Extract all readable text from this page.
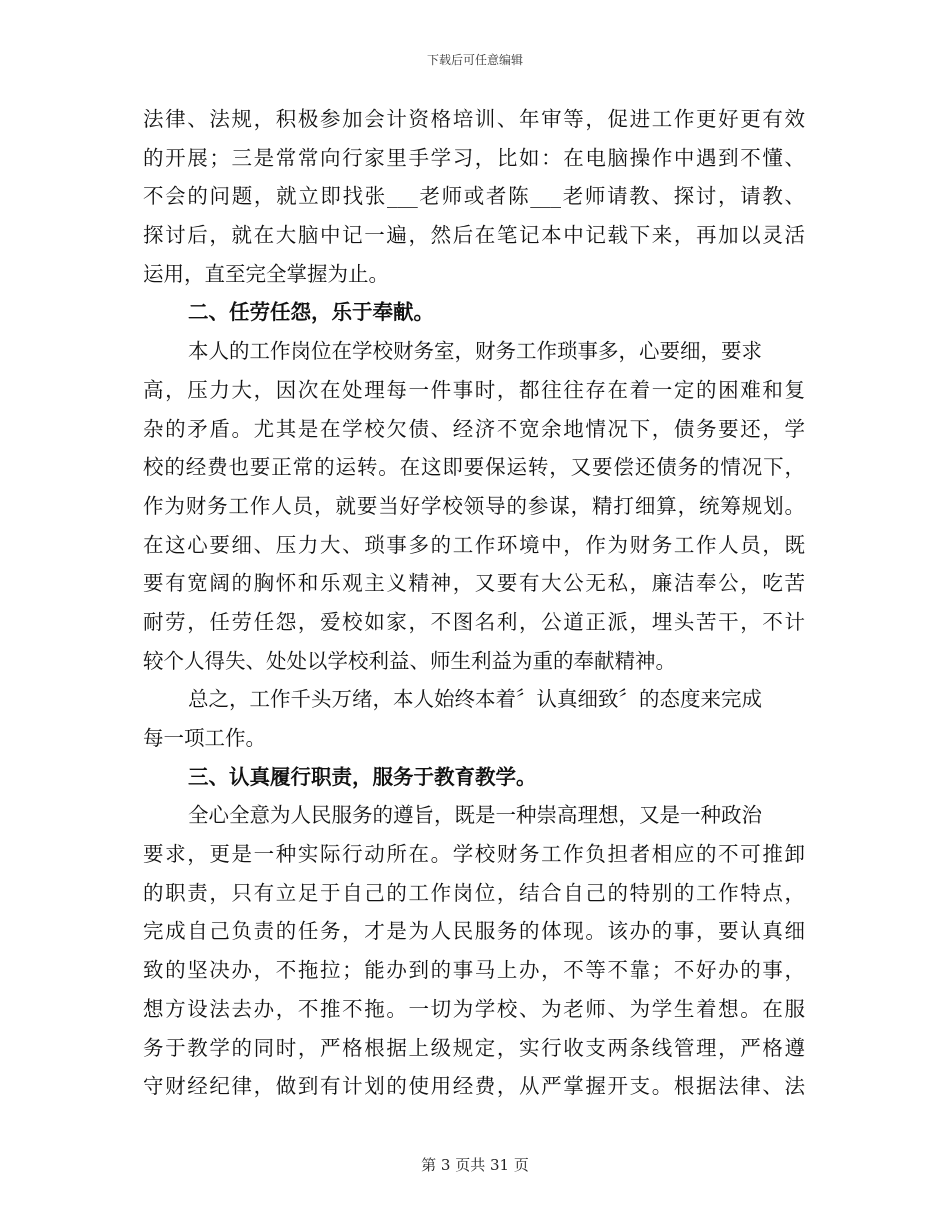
下载后可任意编辑
法律、法规，积极参加会计资格培训、年审等，促进工作更好更有效
的开展；三是常常向行家里手学习，比如：在电脑操作中遇到不懂、
不会的问题，就立即找张___老师或者陈___老师请教、探讨，请教、
探讨后，就在大脑中记一遍，然后在笔记本中记载下来，再加以灵活
运用，直至完全掌握为止。
二、任劳任怨，乐于奉献。
本人的工作岗位在学校财务室，财务工作琐事多，心要细，要求
高，压力大，因次在处理每一件事时，都往往存在着一定的困难和复
杂的矛盾。尤其是在学校欠债、经济不宽余地情况下，债务要还，学
校的经费也要正常的运转。在这即要保运转，又要偿还债务的情况下，
作为财务工作人员，就要当好学校领导的参谋，精打细算，统筹规划。
在这心要细、压力大、琐事多的工作环境中，作为财务工作人员，既
要有宽阔的胸怀和乐观主义精神，又要有大公无私，廉洁奉公，吃苦
耐劳，任劳任怨，爱校如家，不图名利，公道正派，埋头苦干，不计
较个人得失、处处以学校利益、师生利益为重的奉献精神。
总之，工作千头万绪，本人始终本着〞认真细致〞的态度来完成
每一项工作。
三、认真履行职责，服务于教育教学。
全心全意为人民服务的遵旨，既是一种崇高理想，又是一种政治
要求，更是一种实际行动所在。学校财务工作负担者相应的不可推卸
的职责，只有立足于自己的工作岗位，结合自己的特别的工作特点，
完成自己负责的任务，才是为人民服务的体现。该办的事，要认真细
致的坚决办，不拖拉；能办到的事马上办，不等不靠；不好办的事，
想方设法去办，不推不拖。一切为学校、为老师、为学生着想。在服
务于教学的同时，严格根据上级规定，实行收支两条线管理，严格遵
守财经纪律，做到有计划的使用经费，从严掌握开支。根据法律、法
第 3 页共 31 页
